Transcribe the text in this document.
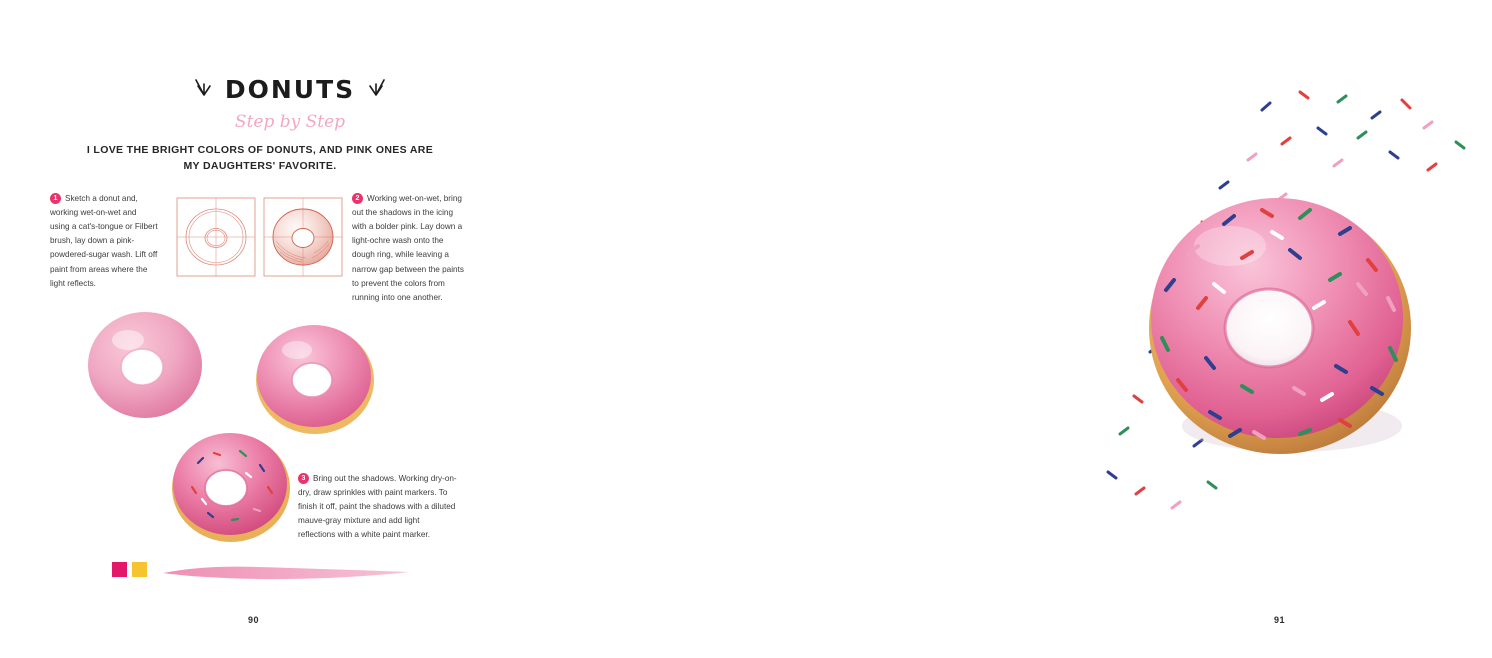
DONUTS
Step by Step
I LOVE THE BRIGHT COLORS OF DONUTS, AND PINK ONES ARE MY DAUGHTERS' FAVORITE.
1 Sketch a donut and, working wet-on-wet and using a cat's-tongue or Filbert brush, lay down a pink-powdered-sugar wash. Lift off paint from areas where the light reflects.
2 Working wet-on-wet, bring out the shadows in the icing with a bolder pink. Lay down a light-ochre wash onto the dough ring, while leaving a narrow gap between the paints to prevent the colors from running into one another.
3 Bring out the shadows. Working dry-on-dry, draw sprinkles with paint markers. To finish it off, paint the shadows with a diluted mauve-gray mixture and add light reflections with a white paint marker.
90	91
